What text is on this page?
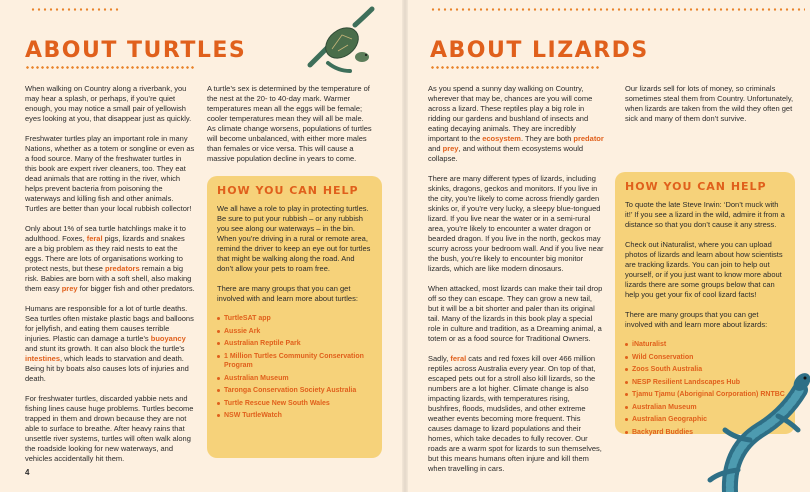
ABOUT TURTLES

When walking on Country along a riverbank, you may hear a splash, or perhaps, if you’re quiet enough, you may notice a small pair of yellowish eyes looking at you, that disappear just as quickly.

Freshwater turtles play an important role in many Nations, whether as a totem or songline or even as a food source. Many of the freshwater turtles in this book are expert river cleaners, too. They eat dead animals that are rotting in the river, which helps prevent bacteria from poisoning the waterways and killing fish and other animals. Turtles are better than your local rubbish collector!

Only about 1% of sea turtle hatchlings make it to adulthood. Foxes, feral pigs, lizards and snakes are a big problem as they raid nests to eat the eggs. There are lots of organisations working to protect nests, but these predators remain a big risk. Babies are born with a soft shell, also making them easy prey for bigger fish and other predators.

Humans are responsible for a lot of turtle deaths. Sea turtles often mistake plastic bags and balloons for jellyfish, and eating them causes terrible injuries. Plastic can damage a turtle’s buoyancy and stunt its growth. It can also block the turtle’s intestines, which leads to starvation and death. Being hit by boats also causes lots of injuries and death.

For freshwater turtles, discarded yabbie nets and fishing lines cause huge problems. Turtles become trapped in them and drown because they are not able to surface to breathe. After heavy rains that unsettle river systems, turtles will often walk along the roadside looking for new waterways, and vehicles accidentally hit them.

A turtle’s sex is determined by the temperature of the nest at the 20- to 40-day mark. Warmer temperatures mean all the eggs will be female; cooler temperatures mean they will all be male. As climate change worsens, populations of turtles will become unbalanced, with either more males than females or vice versa. This will cause a massive population decline in years to come.

HOW YOU CAN HELP

We all have a role to play in protecting turtles. Be sure to put your rubbish – or any rubbish you see along our waterways – in the bin. When you’re driving in a rural or remote area, remind the driver to keep an eye out for turtles that might be walking along the road. And don’t allow your pets to roam free.

There are many groups that you can get involved with and learn more about turtles:

TurtleSAT app
Aussie Ark
Australian Reptile Park
1 Million Turtles Community Conservation Program
Australian Museum
Taronga Conservation Society Australia
Turtle Rescue New South Wales
NSW TurtleWatch
4
ABOUT LIZARDS

As you spend a sunny day walking on Country, wherever that may be, chances are you will come across a lizard. These reptiles play a big role in ridding our gardens and bushland of insects and eating decaying animals. They are incredibly important to the ecosystem. They are both predator and prey, and without them ecosystems would collapse.

There are many different types of lizards, including skinks, dragons, geckos and monitors. If you live in the city, you’re likely to come across friendly garden skinks or, if you’re very lucky, a sleepy blue-tongued lizard. If you live near the water or in a semi-rural area, you’re likely to encounter a water dragon or bearded dragon. If you live in the north, geckos may scurry across your bedroom wall. And if you live near the bush, you’re likely to encounter big monitor lizards, which are like modern dinosaurs.

When attacked, most lizards can make their tail drop off so they can escape. They can grow a new tail, but it will be a bit shorter and paler than its original tail. Many of the lizards in this book play a special role in culture and tradition, as a Dreaming animal, a totem or as a food source for Traditional Owners.

Sadly, feral cats and red foxes kill over 466 million reptiles across Australia every year. On top of that, escaped pets out for a stroll also kill lizards, so the numbers are a lot higher. Climate change is also impacting lizards, with temperatures rising, bushfires, floods, mudslides, and other extreme weather events becoming more frequent. This causes damage to lizard populations and their homes, which take decades to fully recover. Our roads are a warm spot for lizards to sun themselves, but this means humans often injure and kill them when travelling in cars.

Our lizards sell for lots of money, so criminals sometimes steal them from Country. Unfortunately, when lizards are taken from the wild they often get sick and many of them don’t survive.

HOW YOU CAN HELP

To quote the late Steve Irwin: ‘Don’t muck with it!’ If you see a lizard in the wild, admire it from a distance so that you don’t cause it any stress.

Check out iNaturalist, where you can upload photos of lizards and learn about how scientists are tracking lizards. You can join to help out yourself, or if you just want to know more about lizards there are some groups below that can help you get your fix of cool lizard facts!

There are many groups that you can get involved with and learn more about lizards:

iNaturalist
Wild Conservation
Zoos South Australia
NESP Resilient Landscapes Hub
Tjamu Tjamu (Aboriginal Corporation) RNTBC
Australian Museum
Australian Geographic
Backyard Buddies
